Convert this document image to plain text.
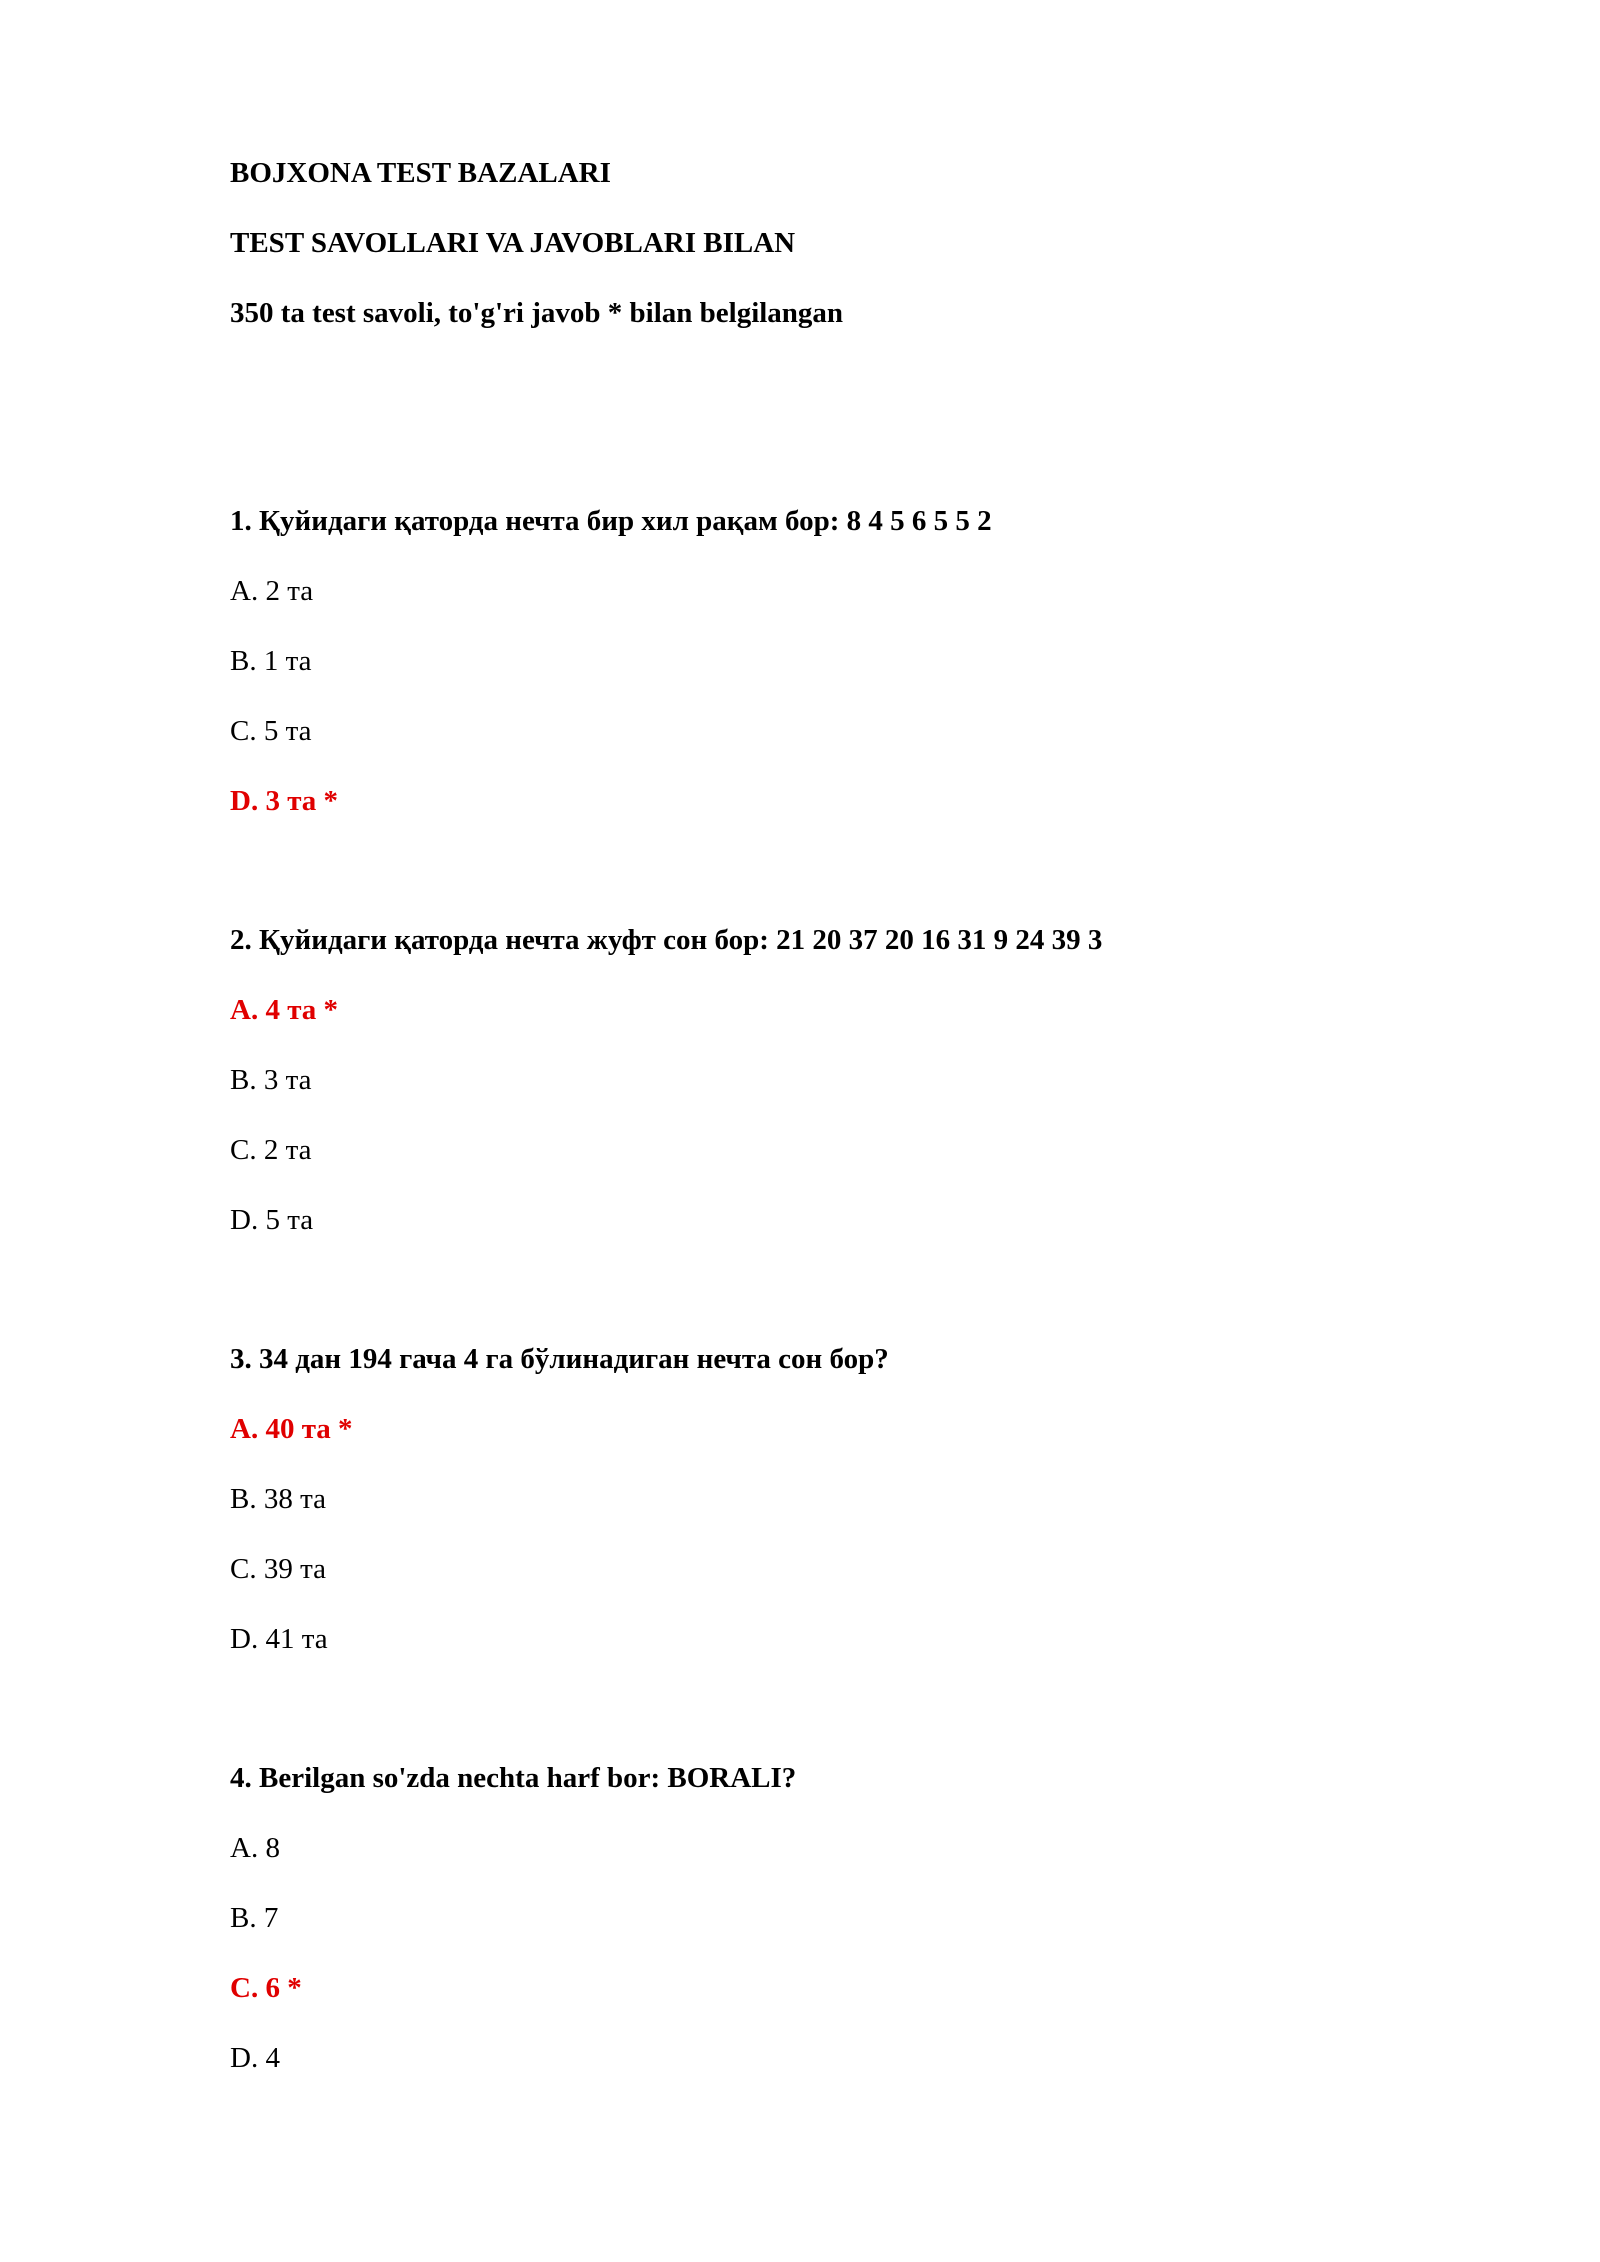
BOJXONA TEST BAZALARI

TEST SAVOLLARI VA JAVOBLARI BILAN

350 ta test savoli, to'g'ri javob * bilan belgilangan

1. Қуйидаги қаторда нечта бир хил рақам бор: 8 4 5 6 5 5 2

A. 2 та

B. 1 та

C. 5 та

D. 3 та *

2. Қуйидаги қаторда нечта жуфт сон бор: 21 20 37 20 16 31 9 24 39 3

A. 4 та *

B. 3 та

C. 2 та

D. 5 та

3. 34 дан 194 гача 4 га бўлинадиган нечта сон бор?

A. 40 та *

B. 38 та

C. 39 та

D. 41 та

4. Berilgan so'zda nechta harf bor: BORALI?

A. 8

B. 7

C. 6 *

D. 4
